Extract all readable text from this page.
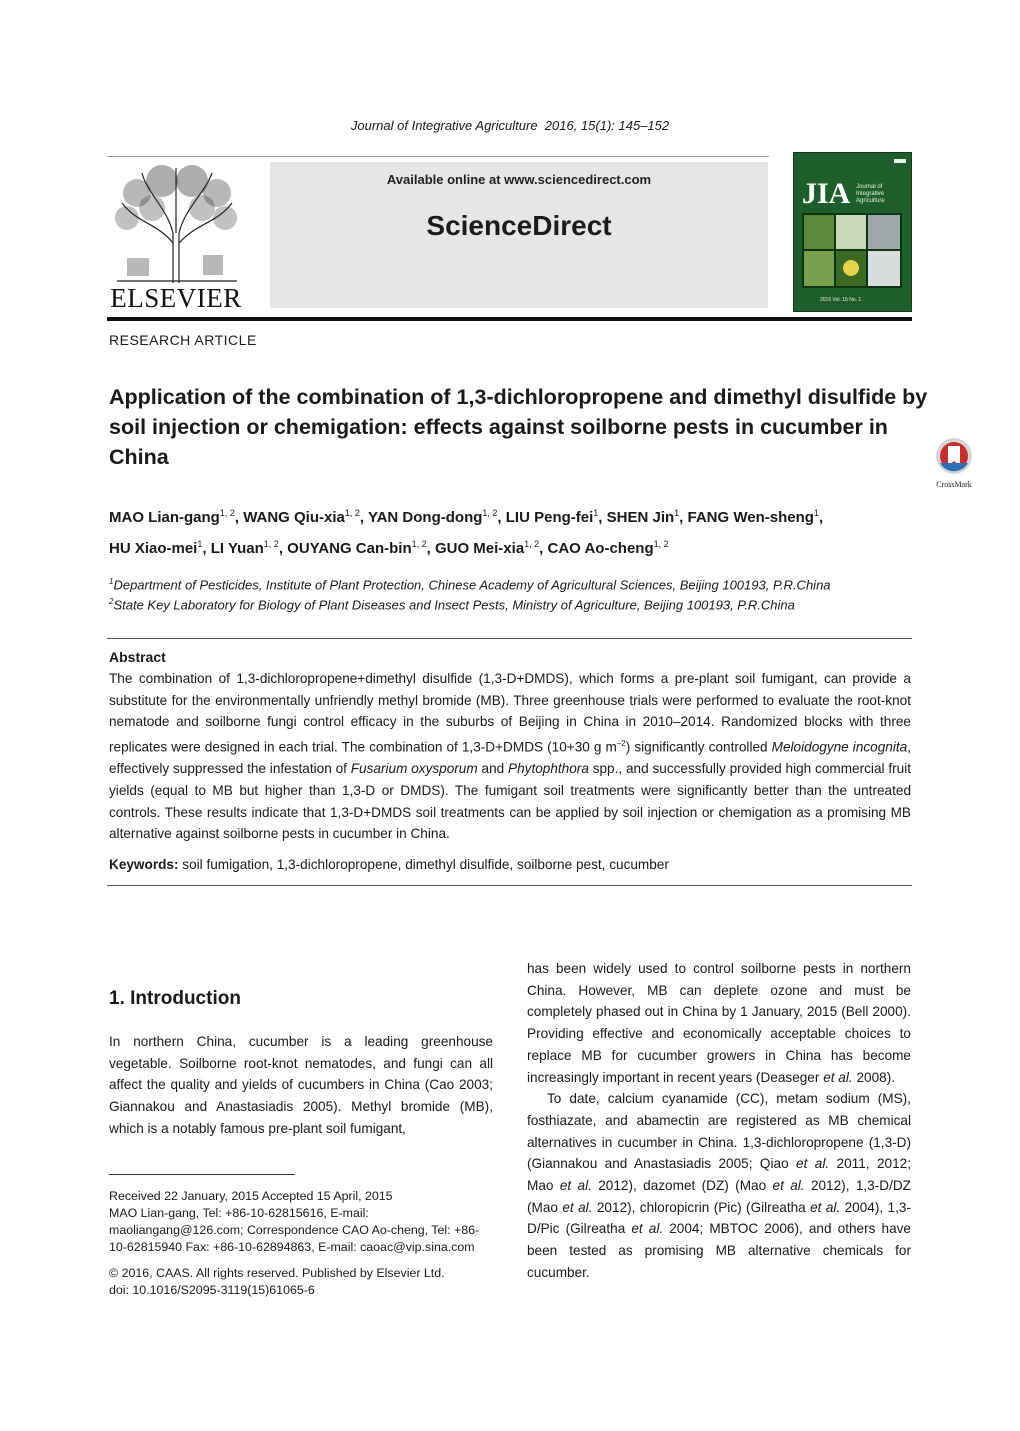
Journal of Integrative Agriculture 2016, 15(1): 145–152
ELSEVIER
Available online at www.sciencedirect.com
ScienceDirect
JIA Journal of Integrative Agriculture
2016 Vol. 15 No. 1
RESEARCH ARTICLE
Application of the combination of 1,3-dichloropropene and dimethyl disulfide by soil injection or chemigation: effects against soilborne pests in cucumber in China
CrossMark
MAO Lian-gang$^{1, 2}$, WANG Qiu-xia$^{1, 2}$, YAN Dong-dong$^{1, 2}$, LIU Peng-fei$^1$, SHEN Jin$^1$, FANG Wen-sheng$^1$,
HU Xiao-mei$^1$, LI Yuan$^{1, 2}$, OUYANG Can-bin$^{1, 2}$, GUO Mei-xia$^{1, 2}$, CAO Ao-cheng$^{1, 2}$
$^1$Department of Pesticides, Institute of Plant Protection, Chinese Academy of Agricultural Sciences, Beijing 100193, P.R.China
$^2$State Key Laboratory for Biology of Plant Diseases and Insect Pests, Ministry of Agriculture, Beijing 100193, P.R.China
Abstract
The combination of 1,3-dichloropropene+dimethyl disulfide (1,3-D+DMDS), which forms a pre-plant soil fumigant, can provide a substitute for the environmentally unfriendly methyl bromide (MB). Three greenhouse trials were performed to evaluate the root-knot nematode and soilborne fungi control efficacy in the suburbs of Beijing in China in 2010–2014. Randomized blocks with three replicates were designed in each trial. The combination of 1,3-D+DMDS (10+30 g $m^{-2}$) significantly controlled Meloidogyne incognita, effectively suppressed the infestation of Fusarium oxysporum and Phytophthora spp., and successfully provided high commercial fruit yields (equal to MB but higher than 1,3-D or DMDS). The fumigant soil treatments were significantly better than the untreated controls. These results indicate that 1,3-D+DMDS soil treatments can be applied by soil injection or chemigation as a promising MB alternative against soilborne pests in cucumber in China.
Keywords: soil fumigation, 1,3-dichloropropene, dimethyl disulfide, soilborne pest, cucumber
1. Introduction

In northern China, cucumber is a leading greenhouse vegetable. Soilborne root-knot nematodes, and fungi can all affect the quality and yields of cucumbers in China (Cao 2003; Giannakou and Anastasiadis 2005). Methyl bromide (MB), which is a notably famous pre-plant soil fumigant,

has been widely used to control soilborne pests in northern China. However, MB can deplete ozone and must be completely phased out in China by 1 January, 2015 (Bell 2000). Providing effective and economically acceptable choices to replace MB for cucumber growers in China has become increasingly important in recent years (Deaseger et al. 2008).

To date, calcium cyanamide (CC), metam sodium (MS), fosthiazate, and abamectin are registered as MB chemical alternatives in cucumber in China. 1,3-dichloropropene (1,3-D) (Giannakou and Anastasiadis 2005; Qiao et al. 2011, 2012; Mao et al. 2012), dazomet (DZ) (Mao et al. 2012), 1,3-D/DZ (Mao et al. 2012), chloropicrin (Pic) (Gilreatha et al. 2004), 1,3-D/Pic (Gilreatha et al. 2004; MBTOC 2006), and others have been tested as promising MB alternative chemicals for cucumber.

Received 22 January, 2015 Accepted 15 April, 2015
MAO Lian-gang, Tel: +86-10-62815616, E-mail: maoliangang@126.com; Correspondence CAO Ao-cheng, Tel: +86-10-62815940 Fax: +86-10-62894863, E-mail: caoac@vip.sina.com
© 2016, CAAS. All rights reserved. Published by Elsevier Ltd.
doi: 10.1016/S2095-3119(15)61065-6
